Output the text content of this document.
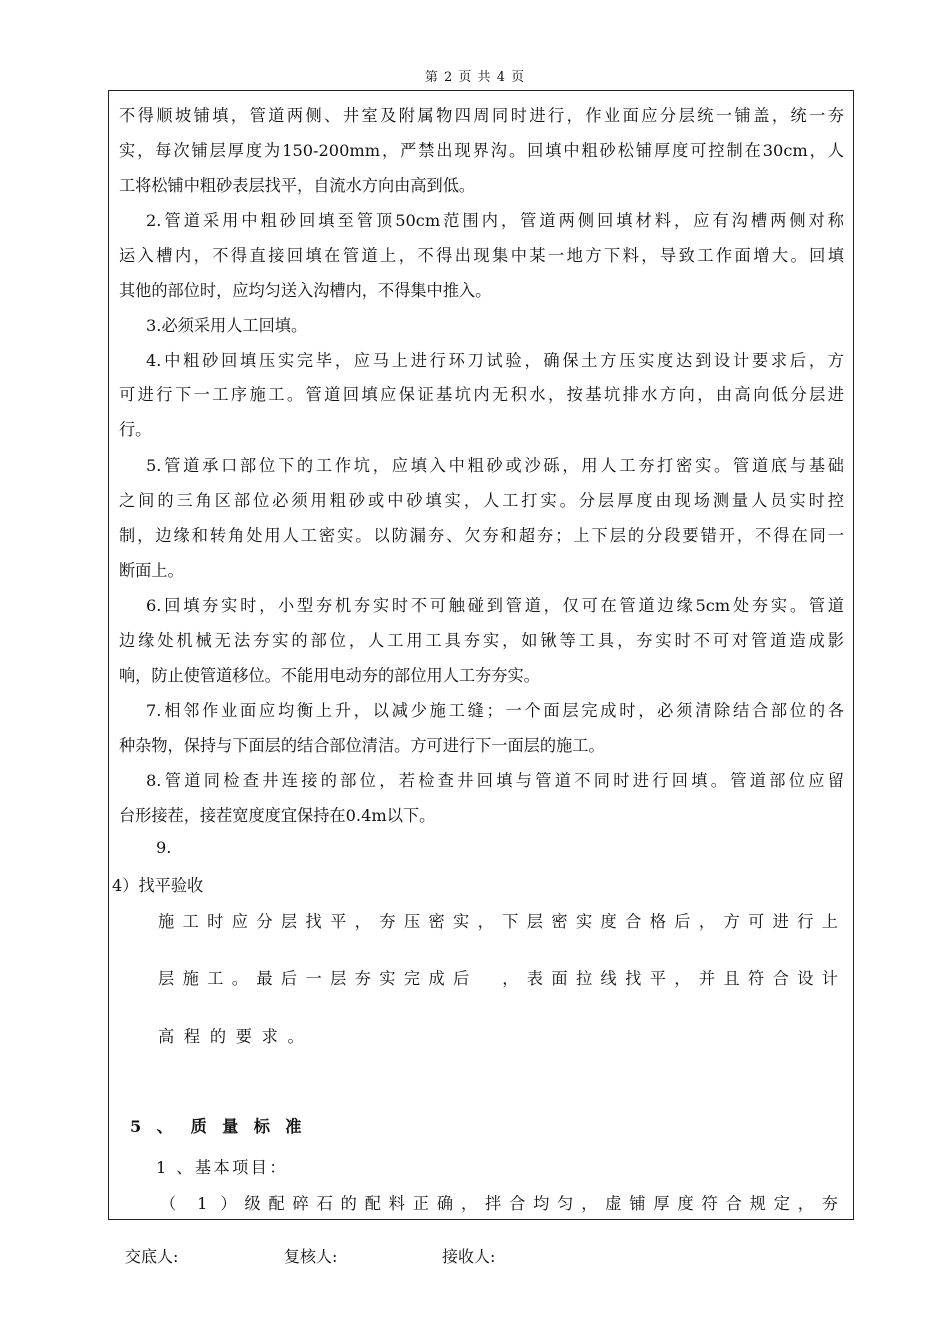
第 2 页 共 4 页
不得顺坡铺填，管道两侧、井室及附属物四周同时进行，作业面应分层统一铺盖，统一夯
实，每次铺层厚度为150-200mm，严禁出现界沟。回填中粗砂松铺厚度可控制在30cm，人
工将松铺中粗砂表层找平，自流水方向由高到低。
2.管道采用中粗砂回填至管顶50cm范围内，管道两侧回填材料，应有沟槽两侧对称
运入槽内，不得直接回填在管道上，不得出现集中某一地方下料，导致工作面增大。回填
其他的部位时，应均匀送入沟槽内，不得集中推入。
3.必须采用人工回填。
4.中粗砂回填压实完毕，应马上进行环刀试验，确保土方压实度达到设计要求后，方
可进行下一工序施工。管道回填应保证基坑内无积水，按基坑排水方向，由高向低分层进
行。
5.管道承口部位下的工作坑，应填入中粗砂或沙砾，用人工夯打密实。管道底与基础
之间的三角区部位必须用粗砂或中砂填实，人工打实。分层厚度由现场测量人员实时控
制，边缘和转角处用人工密实。以防漏夯、欠夯和超夯；上下层的分段要错开，不得在同一
断面上。
6.回填夯实时，小型夯机夯实时不可触碰到管道，仅可在管道边缘5cm处夯实。管道
边缘处机械无法夯实的部位，人工用工具夯实，如锹等工具，夯实时不可对管道造成影
响，防止使管道移位。不能用电动夯的部位用人工夯夯实。
7.相邻作业面应均衡上升，以减少施工缝；一个面层完成时，必须清除结合部位的各
种杂物，保持与下面层的结合部位清洁。方可进行下一面层的施工。
8.管道同检查井连接的部位，若检查井回填与管道不同时进行回填。管道部位应留
台形接茬，接茬宽度度宜保持在0.4m以下。
9.
4）找平验收
施工时应分层找平，夯压密实，下层密实度合格后，方可进行上
层施工。最后一层夯实完成后　，表面拉线找平，并且符合设计
高程的要求。
5 、　质 量 标 准
1 、基本项目：
（ 1 ）级配碎石的配料正确，拌合均匀，虚铺厚度符合规定，夯
交底人:	复核人:	接收人:
